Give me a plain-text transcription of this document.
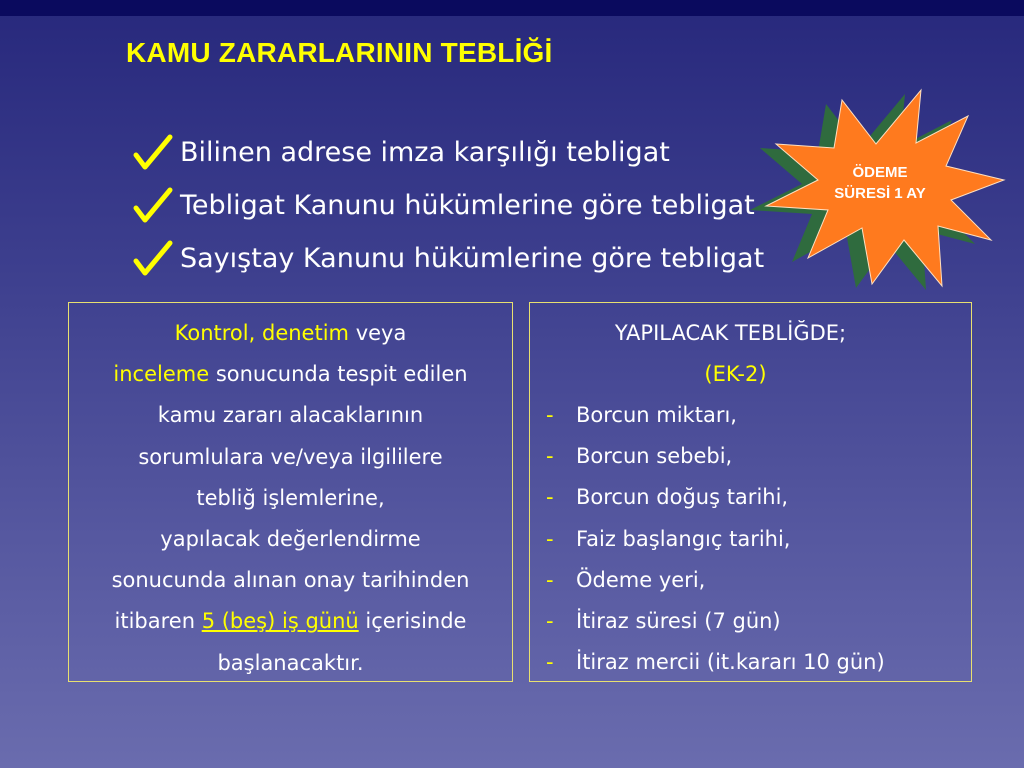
KAMU ZARARLARININ TEBLİĞİ
Bilinen adrese imza karşılığı tebligat
Tebligat Kanunu hükümlerine göre tebligat
Sayıştay Kanunu hükümlerine göre tebligat
ÖDEME
SÜRESİ 1 AY
Kontrol, denetim veya
inceleme sonucunda tespit edilen
kamu zararı alacaklarının
sorumlulara ve/veya ilgililere
tebliğ işlemlerine,
yapılacak değerlendirme
sonucunda alınan onay tarihinden
itibaren 5 (beş) iş günü içerisinde
başlanacaktır.
YAPILACAK TEBLİĞDE;
(EK-2)
-	Borcun miktarı,
-	Borcun sebebi,
-	Borcun doğuş tarihi,
-	Faiz başlangıç tarihi,
-	Ödeme yeri,
-	İtiraz süresi (7 gün)
-	İtiraz mercii (it.kararı 10 gün)
